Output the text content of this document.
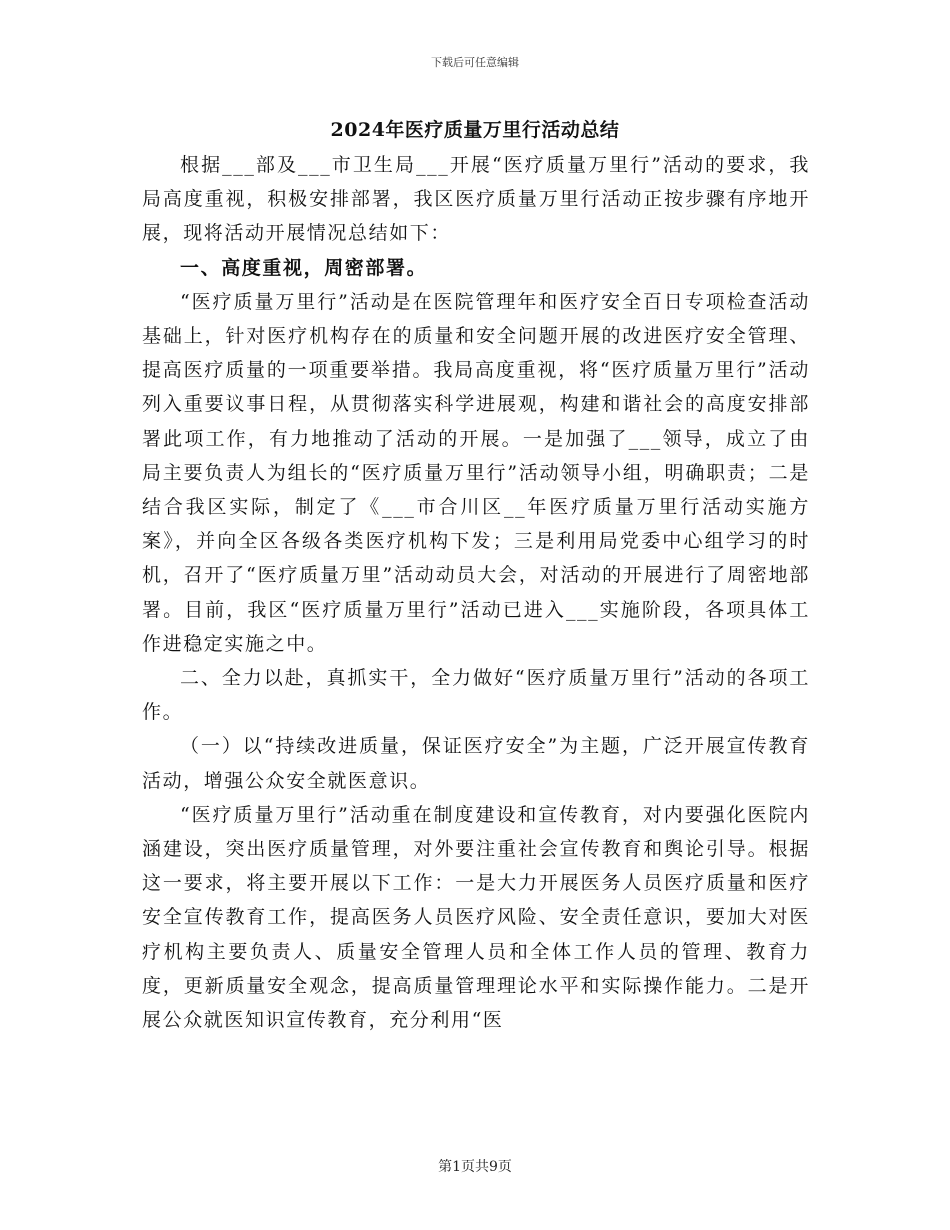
下载后可任意编辑
2024年医疗质量万里行活动总结

根据___部及___市卫生局___开展“医疗质量万里行”活动的要求，我局高度重视，积极安排部署，我区医疗质量万里行活动正按步骤有序地开展，现将活动开展情况总结如下：

一、高度重视，周密部署。

“医疗质量万里行”活动是在医院管理年和医疗安全百日专项检查活动基础上，针对医疗机构存在的质量和安全问题开展的改进医疗安全管理、提高医疗质量的一项重要举措。我局高度重视，将“医疗质量万里行”活动列入重要议事日程，从贯彻落实科学进展观，构建和谐社会的高度安排部署此项工作，有力地推动了活动的开展。一是加强了___领导，成立了由局主要负责人为组长的“医疗质量万里行”活动领导小组，明确职责；二是结合我区实际，制定了《___市合川区__年医疗质量万里行活动实施方案》，并向全区各级各类医疗机构下发；三是利用局党委中心组学习的时机，召开了“医疗质量万里”活动动员大会，对活动的开展进行了周密地部署。目前，我区“医疗质量万里行”活动已进入___实施阶段，各项具体工作进稳定实施之中。

二、全力以赴，真抓实干，全力做好“医疗质量万里行”活动的各项工作。

（一）以“持续改进质量，保证医疗安全”为主题，广泛开展宣传教育活动，增强公众安全就医意识。

“医疗质量万里行”活动重在制度建设和宣传教育，对内要强化医院内涵建设，突出医疗质量管理，对外要注重社会宣传教育和舆论引导。根据这一要求，将主要开展以下工作：一是大力开展医务人员医疗质量和医疗安全宣传教育工作，提高医务人员医疗风险、安全责任意识，要加大对医疗机构主要负责人、质量安全管理人员和全体工作人员的管理、教育力度，更新质量安全观念，提高质量管理理论水平和实际操作能力。二是开展公众就医知识宣传教育，充分利用“医

第1页共9页
